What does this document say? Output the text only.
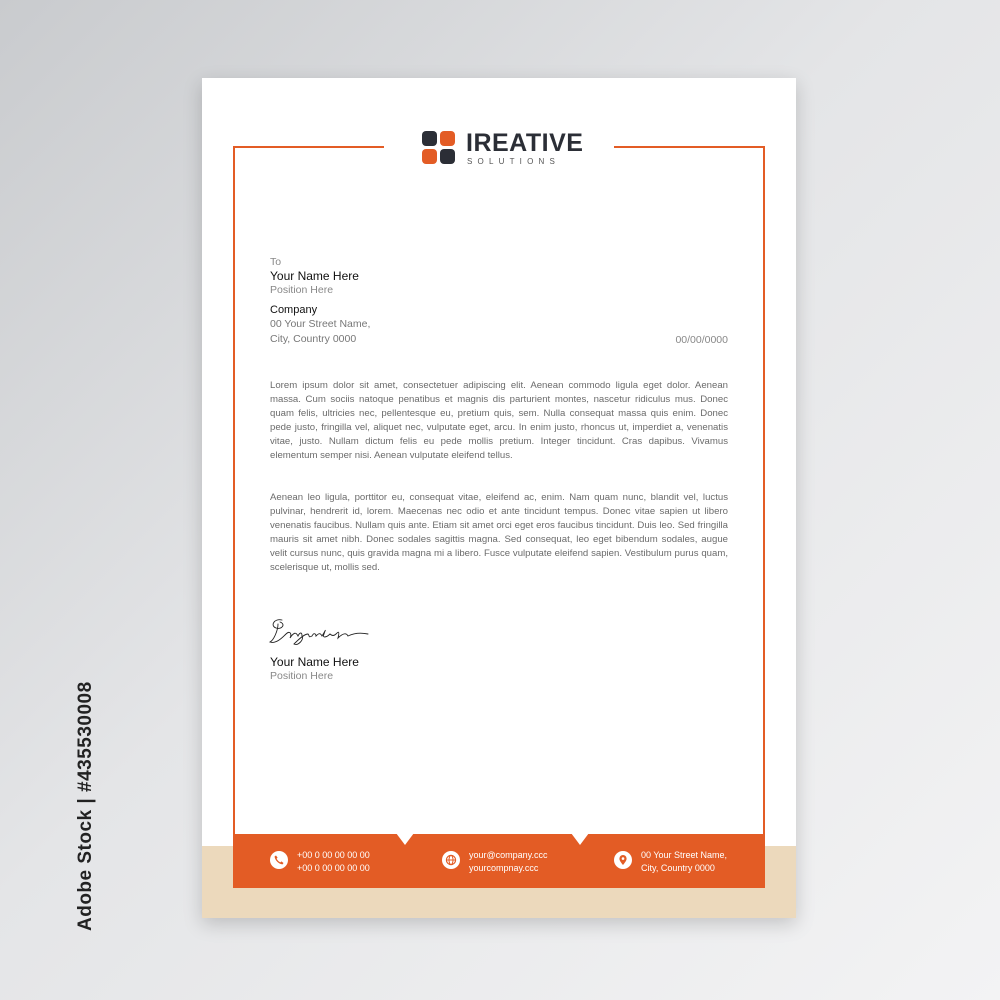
Adobe Stock | #435530008
IREATIVE
SOLUTIONS
To
Your Name Here
Position Here
Company
00 Your Street Name,
City, Country 0000	00/00/0000

Lorem ipsum dolor sit amet, consectetuer adipiscing elit. Aenean commodo ligula eget dolor. Aenean massa. Cum sociis natoque penatibus et magnis dis parturient montes, nascetur ridiculus mus. Donec quam felis, ultricies nec, pellentesque eu, pretium quis, sem. Nulla consequat massa quis enim. Donec pede justo, fringilla vel, aliquet nec, vulputate eget, arcu. In enim justo, rhoncus ut, imperdiet a, venenatis vitae, justo. Nullam dictum felis eu pede mollis pretium. Integer tincidunt. Cras dapibus. Vivamus elementum semper nisi. Aenean vulputate eleifend tellus.

Aenean leo ligula, porttitor eu, consequat vitae, eleifend ac, enim. Nam quam nunc, blandit vel, luctus pulvinar, hendrerit id, lorem. Maecenas nec odio et ante tincidunt tempus. Donec vitae sapien ut libero venenatis faucibus. Nullam quis ante. Etiam sit amet orci eget eros faucibus tincidunt. Duis leo. Sed fringilla mauris sit amet nibh. Donec sodales sagittis magna. Sed consequat, leo eget bibendum sodales, augue velit cursus nunc, quis gravida magna mi a libero. Fusce vulputate eleifend sapien. Vestibulum purus quam, scelerisque ut, mollis sed.

Your Name Here
Position Here
+00 0 00 00 00 00
+00 0 00 00 00 00
your@company.ccc
yourcompnay.ccc
00 Your Street Name,
City, Country 0000
